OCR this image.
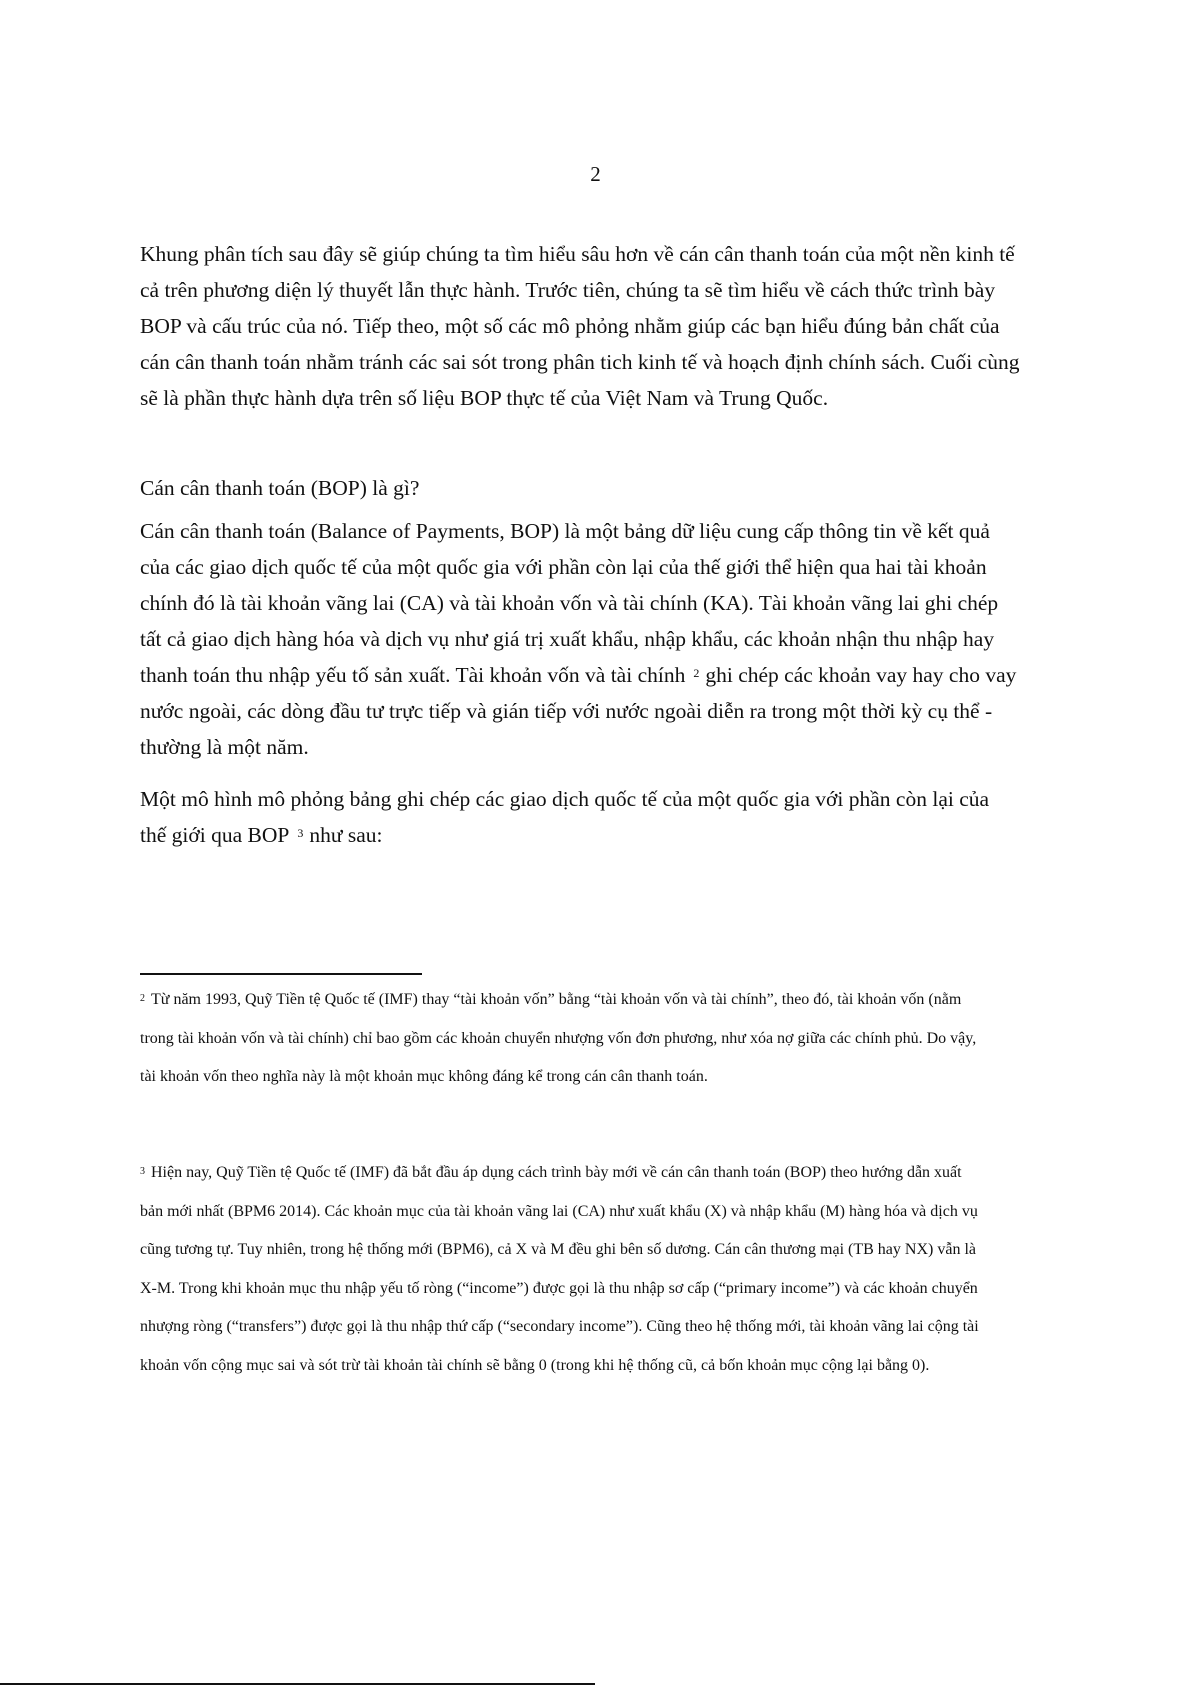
2

Khung phân tích sau đây sẽ giúp chúng ta tìm hiểu sâu hơn về cán cân thanh toán của một nền kinh tế cả trên phương diện lý thuyết lẫn thực hành. Trước tiên, chúng ta sẽ tìm hiểu về cách thức trình bày BOP và cấu trúc của nó. Tiếp theo, một số các mô phỏng nhằm giúp các bạn hiểu đúng bản chất của cán cân thanh toán nhằm tránh các sai sót trong phân tich kinh tế và hoạch định chính sách. Cuối cùng sẽ là phần thực hành dựa trên số liệu BOP thực tế của Việt Nam và Trung Quốc.

Cán cân thanh toán (BOP) là gì?

Cán cân thanh toán (Balance of Payments, BOP) là một bảng dữ liệu cung cấp thông tin về kết quả của các giao dịch quốc tế của một quốc gia với phần còn lại của thế giới thể hiện qua hai tài khoản chính đó là tài khoản vãng lai (CA) và tài khoản vốn và tài chính (KA). Tài khoản vãng lai ghi chép tất cả giao dịch hàng hóa và dịch vụ như giá trị xuất khẩu, nhập khẩu, các khoản nhận thu nhập hay thanh toán thu nhập yếu tố sản xuất. Tài khoản vốn và tài chính $^2$ ghi chép các khoản vay hay cho vay nước ngoài, các dòng đầu tư trực tiếp và gián tiếp với nước ngoài diễn ra trong một thời kỳ cụ thể - thường là một năm.

Một mô hình mô phỏng bảng ghi chép các giao dịch quốc tế của một quốc gia với phần còn lại của thế giới qua BOP $^3$ như sau:

$^2$ Từ năm 1993, Quỹ Tiền tệ Quốc tế (IMF) thay “tài khoản vốn” bằng “tài khoản vốn và tài chính”, theo đó, tài khoản vốn (nằm trong tài khoản vốn và tài chính) chỉ bao gồm các khoản chuyển nhượng vốn đơn phương, như xóa nợ giữa các chính phủ. Do vậy, tài khoản vốn theo nghĩa này là một khoản mục không đáng kể trong cán cân thanh toán.
$^3$ Hiện nay, Quỹ Tiền tệ Quốc tế (IMF) đã bắt đầu áp dụng cách trình bày mới về cán cân thanh toán (BOP) theo hướng dẫn xuất bản mới nhất (BPM6 2014). Các khoản mục của tài khoản vãng lai (CA) như xuất khẩu (X) và nhập khẩu (M) hàng hóa và dịch vụ cũng tương tự. Tuy nhiên, trong hệ thống mới (BPM6), cả X và M đều ghi bên số dương. Cán cân thương mại (TB hay NX) vẫn là X-M. Trong khi khoản mục thu nhập yếu tố ròng (“income”) được gọi là thu nhập sơ cấp (“primary income”) và các khoản chuyển nhượng ròng (“transfers”) được gọi là thu nhập thứ cấp (“secondary income”). Cũng theo hệ thống mới, tài khoản vãng lai cộng tài khoản vốn cộng mục sai và sót trừ tài khoản tài chính sẽ bằng 0 (trong khi hệ thống cũ, cả bốn khoản mục cộng lại bằng 0).
